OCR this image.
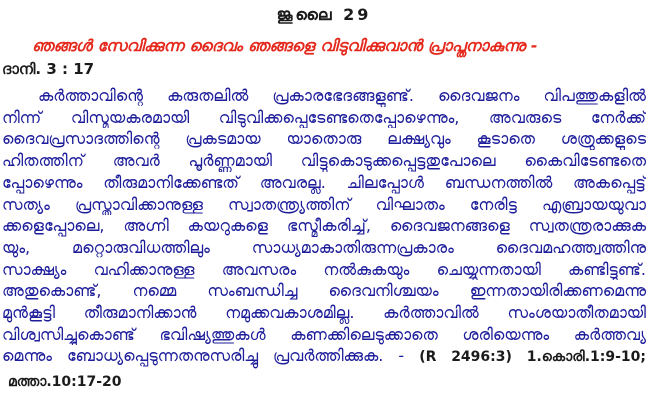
ജൂലൈ 29
ഞങ്ങൾ സേവിക്കുന്ന ദൈവം ഞങ്ങളെ വിടുവിക്കുവാൻ പ്രാപ്തനാകുന്നു -
ദാനി. 3 : 17
കർത്താവിന്റെ കരുതലിൽ പ്രകാരഭേദങ്ങളുണ്ട്. ദൈവജനം വിപത്തുകളിൽ
നിന്ന് വിസ്മയകരമായി വിടുവിക്കപ്പെടേണ്ടതെപ്പോഴെന്നും, അവരുടെ നേർക്ക്
ദൈവപ്രസാദത്തിന്റെ പ്രകടമായ യാതൊരു ലക്ഷ്യവും കൂടാതെ ശത്രുക്കളുടെ
ഹിതത്തിന് അവർ പൂർണ്ണമായി വിട്ടുകൊടുക്കപ്പെട്ടതുപോലെ കൈവിടേണ്ടതെ
പ്പോഴെന്നും തീരുമാനിക്കേണ്ടത് അവരല്ല. ചിലപ്പോൾ ബന്ധനത്തിൽ അകപ്പെട്ട്
സത്യം പ്രസ്താവിക്കാനുള്ള സ്വാതന്ത്ര്യത്തിന് വിഘാതം നേരിട്ട എബ്രായയുവാ
ക്കളെപ്പോലെ, അഗ്നി കയറുകളെ ഭസ്മീകരിച്ച്, ദൈവജനങ്ങളെ സ്വതന്ത്രരാക്കുക
യും, മറ്റൊരുവിധത്തിലും സാധ്യമാകാതിരുന്നപ്രകാരം ദൈവമഹത്ത്വത്തിനു
സാക്ഷ്യം വഹിക്കാനുള്ള അവസരം നൽകുകയും ചെയ്യുന്നതായി കണ്ടിട്ടുണ്ട്.
അതുകൊണ്ട്, നമ്മെ സംബന്ധിച്ച ദൈവനിശ്ചയം ഇന്നതായിരിക്കണമെന്നു
മുൻകൂട്ടി തീരുമാനിക്കാൻ നമുക്കവകാശമില്ല. കർത്താവിൽ സംശയാതീതമായി
വിശ്വസിച്ചുകൊണ്ട് ഭവിഷ്യത്തുകൾ കണക്കിലെടുക്കാതെ ശരിയെന്നും കർത്തവ്യ
മെന്നും ബോധ്യപ്പെടുന്നതനുസരിച്ചു പ്രവർത്തിക്കുക. - (R 2496:3) 1.കൊരി.1:9-10;
മത്താ.10:17-20
